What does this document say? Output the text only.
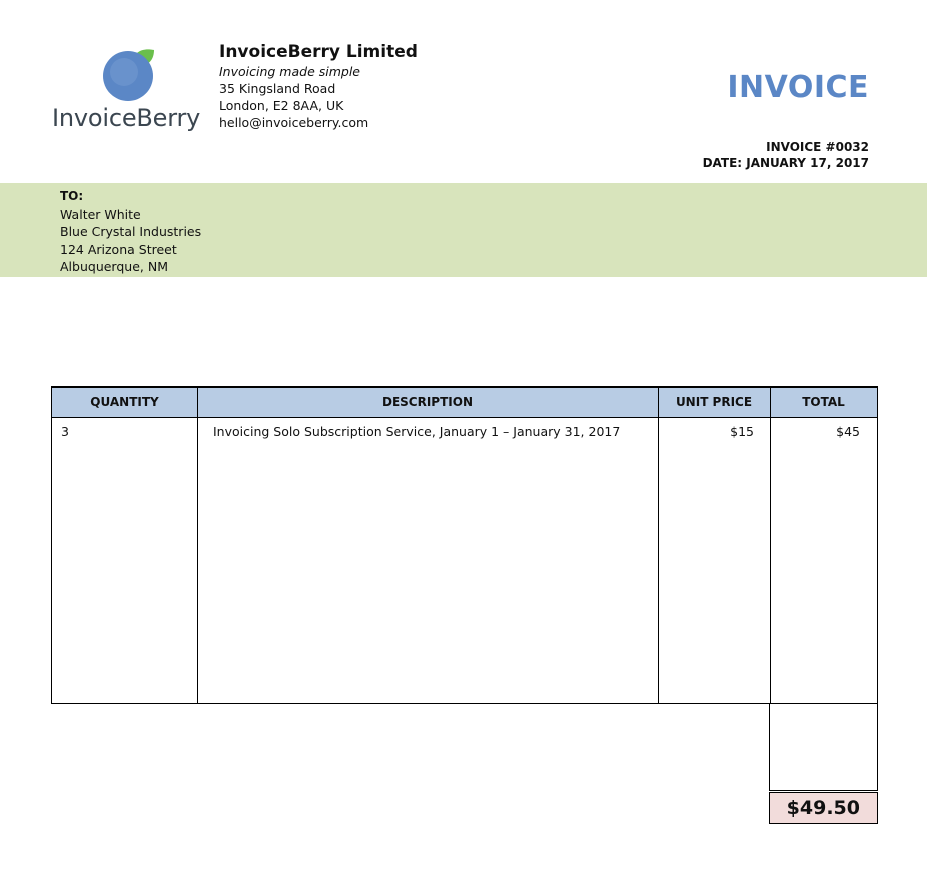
InvoiceBerry
InvoiceBerry Limited
Invoicing made simple
35 Kingsland Road
London, E2 8AA, UK
hello@invoiceberry.com
INVOICE
INVOICE #0032
DATE: JANUARY 17, 2017
TO:
Walter White
Blue Crystal Industries
124 Arizona Street
Albuquerque, NM
QUANTITY	DESCRIPTION	UNIT PRICE	TOTAL
3	Invoicing Solo Subscription Service, January 1 – January 31, 2017	$15	$45
$49.50
